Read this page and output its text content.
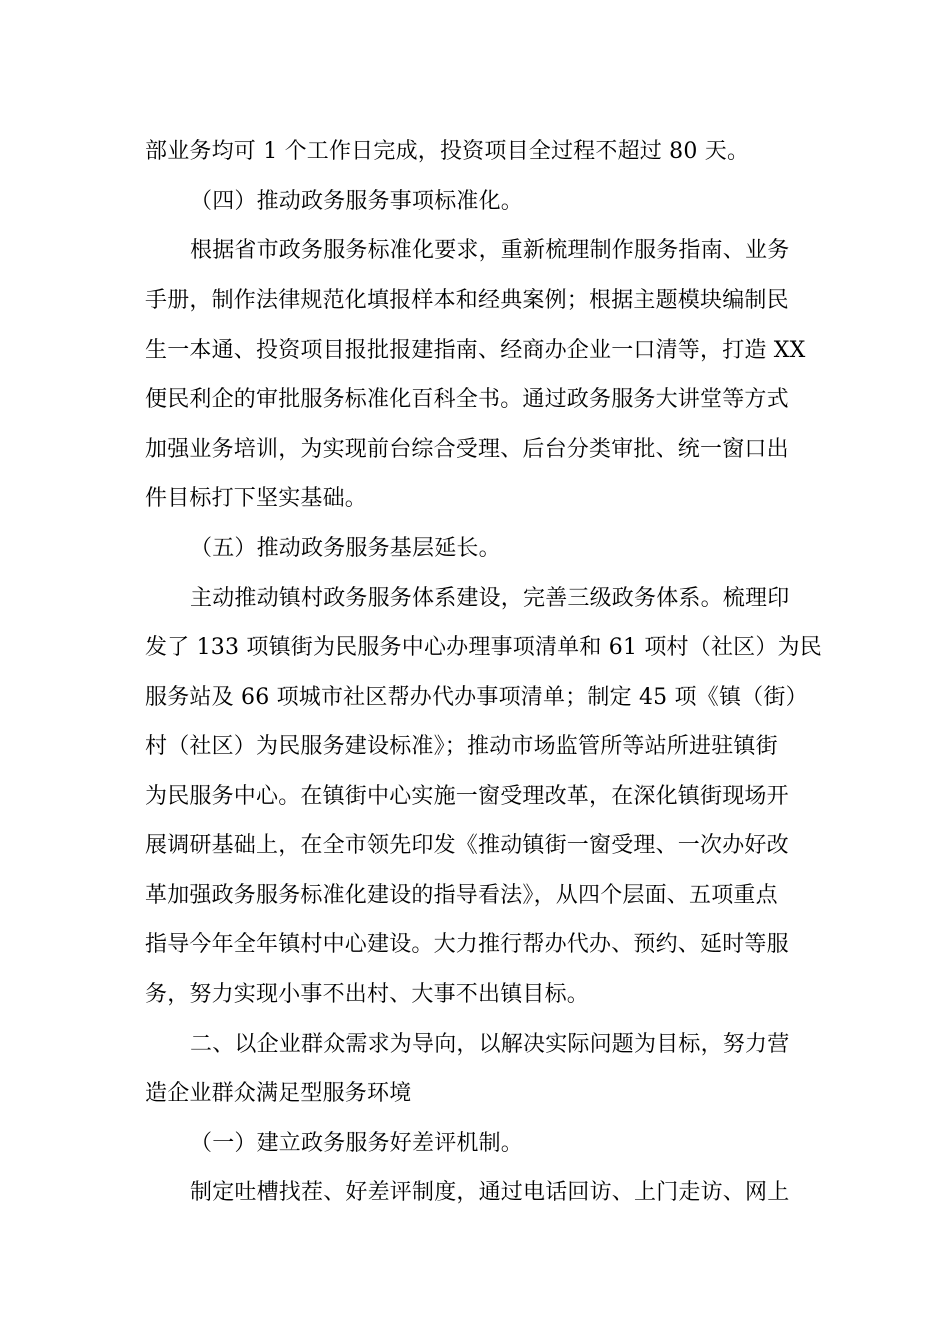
部业务均可 1 个工作日完成，投资项目全过程不超过 80 天。
（四）推动政务服务事项标准化。
根据省市政务服务标准化要求，重新梳理制作服务指南、业务
手册，制作法律规范化填报样本和经典案例；根据主题模块编制民
生一本通、投资项目报批报建指南、经商办企业一口清等，打造 XX
便民利企的审批服务标准化百科全书。通过政务服务大讲堂等方式
加强业务培训，为实现前台综合受理、后台分类审批、统一窗口出
件目标打下坚实基础。
（五）推动政务服务基层延长。
主动推动镇村政务服务体系建设，完善三级政务体系。梳理印
发了 133 项镇街为民服务中心办理事项清单和 61 项村（社区）为民
服务站及 66 项城市社区帮办代办事项清单；制定 45 项《镇（街）
村（社区）为民服务建设标准》；推动市场监管所等站所进驻镇街
为民服务中心。在镇街中心实施一窗受理改革，在深化镇街现场开
展调研基础上，在全市领先印发《推动镇街一窗受理、一次办好改
革加强政务服务标准化建设的指导看法》，从四个层面、五项重点
指导今年全年镇村中心建设。大力推行帮办代办、预约、延时等服
务，努力实现小事不出村、大事不出镇目标。
二、以企业群众需求为导向，以解决实际问题为目标，努力营
造企业群众满足型服务环境
（一）建立政务服务好差评机制。
制定吐槽找茬、好差评制度，通过电话回访、上门走访、网上
